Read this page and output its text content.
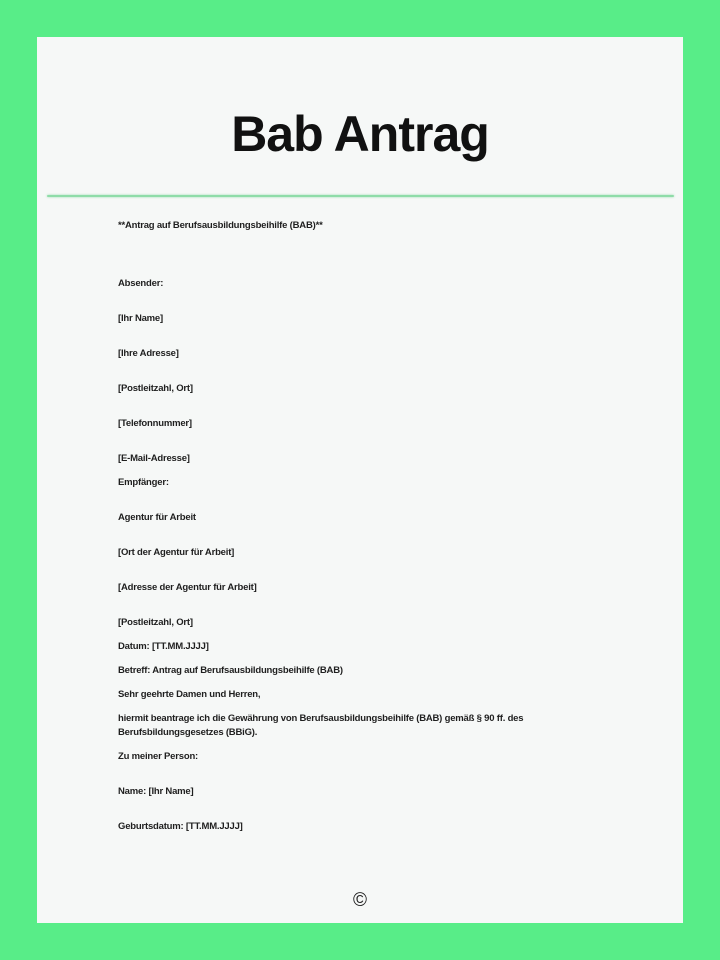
Bab Antrag

**Antrag auf Berufsausbildungsbeihilfe (BAB)**

Absender:

[Ihr Name]

[Ihre Adresse]

[Postleitzahl, Ort]

[Telefonnummer]

[E-Mail-Adresse]

Empfänger:

Agentur für Arbeit

[Ort der Agentur für Arbeit]

[Adresse der Agentur für Arbeit]

[Postleitzahl, Ort]

Datum: [TT.MM.JJJJ]

Betreff: Antrag auf Berufsausbildungsbeihilfe (BAB)

Sehr geehrte Damen und Herren,

hiermit beantrage ich die Gewährung von Berufsausbildungsbeihilfe (BAB) gemäß § 90 ff. des

Berufsbildungsgesetzes (BBiG).

Zu meiner Person:

Name: [Ihr Name]

Geburtsdatum: [TT.MM.JJJJ]

©
